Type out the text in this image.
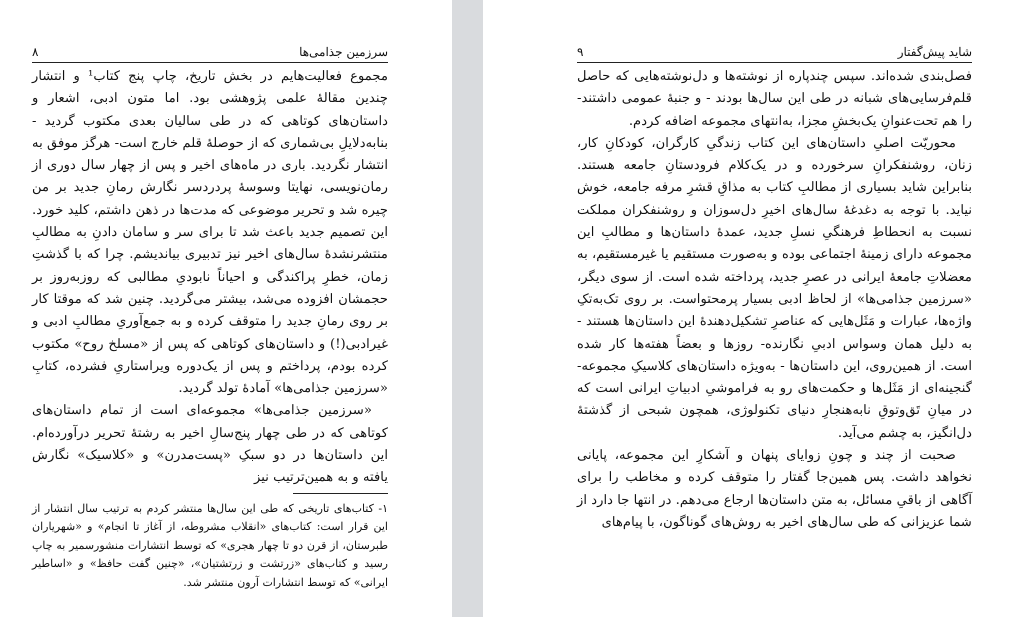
۸	سرزمین جذامی‌ها

مجموع فعالیت‌هایم در بخش تاریخ، چاپ پنج کتاب¹ و انتشار چندین مقالهٔ علمی پژوهشی بود. اما متون ادبی، اشعار و داستان‌های کوتاهی که در طی سالیان بعدی مکتوب گردید - بنابه‌دلایلِ بی‌شماری که از حوصلهٔ قلم خارج است- هرگز موفق به انتشار نگردید. باری در ماه‌های اخیر و پس از چهار سال دوری از رمان‌نویسی، نهایتا وسوسهٔ پردردسر نگارش رمانِ جدید بر من چیره شد و تحریر موضوعی که مدت‌ها در ذهن داشتم، کلید خورد. این تصمیم جدید باعث شد تا برای سر و سامان دادنِ به مطالبِ منتشرنشدهٔ سال‌های اخیر نیز تدبیری بیاندیشم. چرا که با گذشتِ زمان، خطرِ پراکندگی و احیاناً نابودیِ مطالبی که روزبه‌روز بر حجمشان افزوده می‌شد، بیشتر می‌گردید. چنین شد که موقتا کار بر روی رمانِ جدید را متوقف کرده و به جمع‌آوریِ مطالبِ ادبی و غیرادبی(!) و داستان‌های کوتاهی که پس از «مسلخ روح» مکتوب کرده بودم، پرداختم و پس از یک‌دوره ویراستاریِ فشرده، کتابِ «سرزمین جذامی‌ها» آمادهٔ تولد گردید.

«سرزمین جذامی‌ها» مجموعه‌ای است از تمام داستان‌های کوتاهی که در طی چهار پنج‌سالِ اخیر به رشتهٔ تحریر درآورده‌ام. این داستان‌ها در دو سبکِ «پست‌مدرن» و «کلاسیک» نگارش یافته و به همین‌ترتیب نیز

۱- کتاب‌های تاریخی که طی این سال‌ها منتشر کردم به ترتیب سال انتشار از این قرار است: کتاب‌های «انقلاب مشروطه، از آغاز تا انجام» و «شهریاران طبرستان، از قرن دو تا چهار هجری» که توسط انتشارات منشورسمیر به چاپ رسید و کتاب‌های «زرتشت و زرتشتیان»، «چنین گفت حافظ» و «اساطیر ایرانی» که توسط انتشارات آرون منتشر شد.
۹	شاید پیش‌گفتار

فصل‌بندی شده‌اند. سپس چندپاره از نوشته‌ها و دل‌نوشته‌هایی که حاصل قلم‌فرسایی‌های شبانه در طی این سال‌ها بودند - و جنبهٔ عمومی داشتند- را هم تحت‌عنوانِ یک‌بخشِ مجزا، به‌انتهای مجموعه اضافه کردم.

محوریّت اصلیِ داستان‌های این کتاب زندگیِ کارگران، کودکانِ کار، زنان، روشنفکرانِ سرخورده و در یک‌کلام فرودستانِ جامعه هستند. بنابراین شاید بسیاری از مطالبِ کتاب به مذاقِ قشرِ مرفه جامعه، خوش نیاید. با توجه به دغدغهٔ سال‌های اخیرِ دل‌سوزان و روشنفکران مملکت نسبت به انحطاطِ فرهنگیِ نسلِ جدید، عمدهٔ داستان‌ها و مطالبِ این مجموعه دارای زمینهٔ اجتماعی بوده و به‌صورت مستقیم یا غیرمستقیم، به معضلاتِ جامعهٔ ایرانی در عصرِ جدید، پرداخته شده است. از سوی دیگر، «سرزمین جذامی‌ها» از لحاظ ادبی بسیار پرمحتواست. بر روی تک‌به‌تکِ واژه‌ها، عبارات و مَثَل‌هایی که عناصرِ تشکیل‌دهندهٔ این داستان‌ها هستند - به دلیل همان وسواس ادبیِ نگارنده- روزها و بعضاً هفته‌ها کار شده است. از همین‌روی، این داستان‌ها - به‌ویژه داستان‌های کلاسیکِ مجموعه- گنجینه‌ای از مَثَل‌ها و حکمت‌های رو به فراموشیِ ادبیاتِ ایرانی است که در میانِ تَق‌وتوقِ نابه‌هنجارِ دنیای تکنولوژی، همچون شبحی از گذشتهٔ دل‌انگیز، به چشم می‌آید.

صحبت از چند و چونِ زوایای پنهان و آشکارِ این مجموعه، پایانی نخواهد داشت. پس همین‌جا گفتار را متوقف کرده و مخاطب را برای آگاهی از باقیِ مسائل، به متن داستان‌ها ارجاع می‌دهم. در انتها جا دارد از شما عزیزانی که طی سال‌های اخیر به روش‌های گوناگون، با پیام‌های
